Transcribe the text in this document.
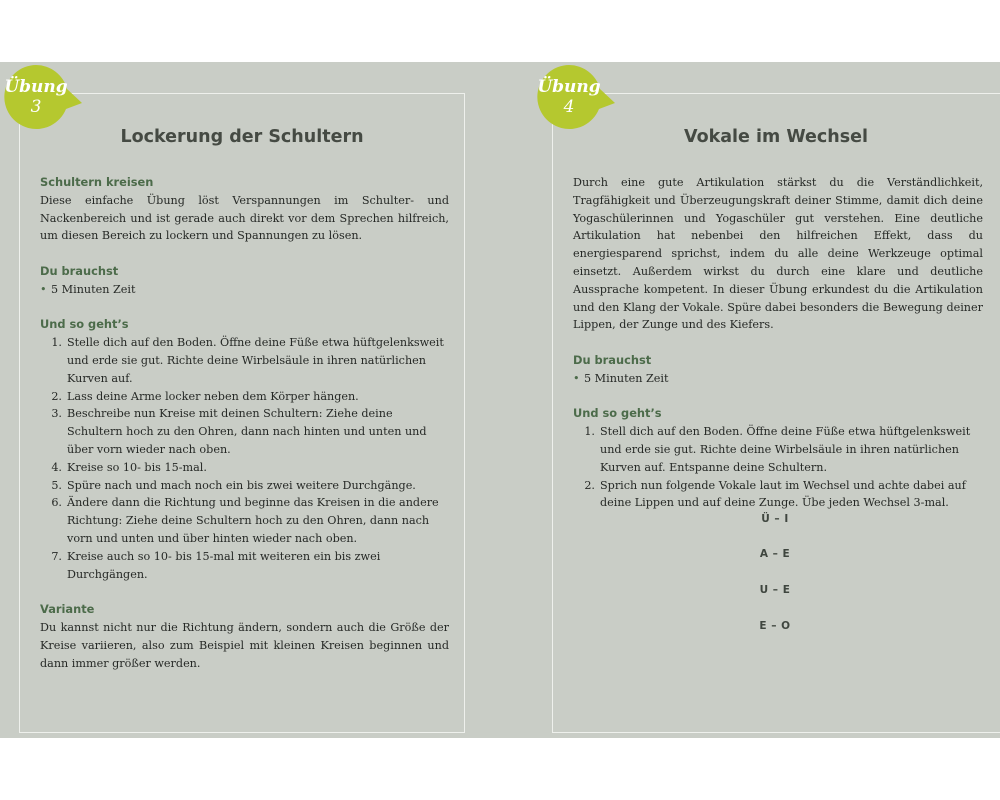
Übung
3
Lockerung der Schultern
Schultern kreisen

Diese einfache Übung löst Verspannungen im Schulter- und Nackenbereich und ist gerade auch direkt vor dem Sprechen hilfreich, um diesen Bereich zu lockern und Spannungen zu lösen.

Du brauchst
• 5 Minuten Zeit
Und so geht’s
1. Stelle dich auf den Boden. Öffne deine Füße etwa hüftgelenksweit und erde sie gut. Richte deine Wirbelsäule in ihren natürlichen Kurven auf.
2. Lass deine Arme locker neben dem Körper hängen.
3. Beschreibe nun Kreise mit deinen Schultern: Ziehe deine Schultern hoch zu den Ohren, dann nach hinten und unten und über vorn wieder nach oben.
4. Kreise so 10- bis 15-mal.
5. Spüre nach und mach noch ein bis zwei weitere Durchgänge.
6. Ändere dann die Richtung und beginne das Kreisen in die andere Richtung: Ziehe deine Schultern hoch zu den Ohren, dann nach vorn und unten und über hinten wieder nach oben.
7. Kreise auch so 10- bis 15-mal mit weiteren ein bis zwei Durchgängen.
Variante

Du kannst nicht nur die Richtung ändern, sondern auch die Größe der Kreise variieren, also zum Beispiel mit kleinen Kreisen beginnen und dann immer größer werden.

Übung
4
Vokale im Wechsel

Durch eine gute Artikulation stärkst du die Verständlichkeit, Tragfähigkeit und Überzeugungskraft deiner Stimme, damit dich deine Yogaschülerinnen und Yogaschüler gut verstehen. Eine deutliche Artikulation hat nebenbei den hilfreichen Effekt, dass du energiesparend sprichst, indem du alle deine Werkzeuge optimal einsetzt. Außerdem wirkst du durch eine klare und deutliche Aussprache kompetent. In dieser Übung erkundest du die Artikulation und den Klang der Vokale. Spüre dabei besonders die Bewegung deiner Lippen, der Zunge und des Kiefers.

Du brauchst
• 5 Minuten Zeit
Und so geht’s
1. Stell dich auf den Boden. Öffne deine Füße etwa hüftgelenksweit und erde sie gut. Richte deine Wirbelsäule in ihren natürlichen Kurven auf. Entspanne deine Schultern.
2. Sprich nun folgende Vokale laut im Wechsel und achte dabei auf deine Lippen und auf deine Zunge. Übe jeden Wechsel 3-mal.
Ü – I
A – E
U – E
E – O
